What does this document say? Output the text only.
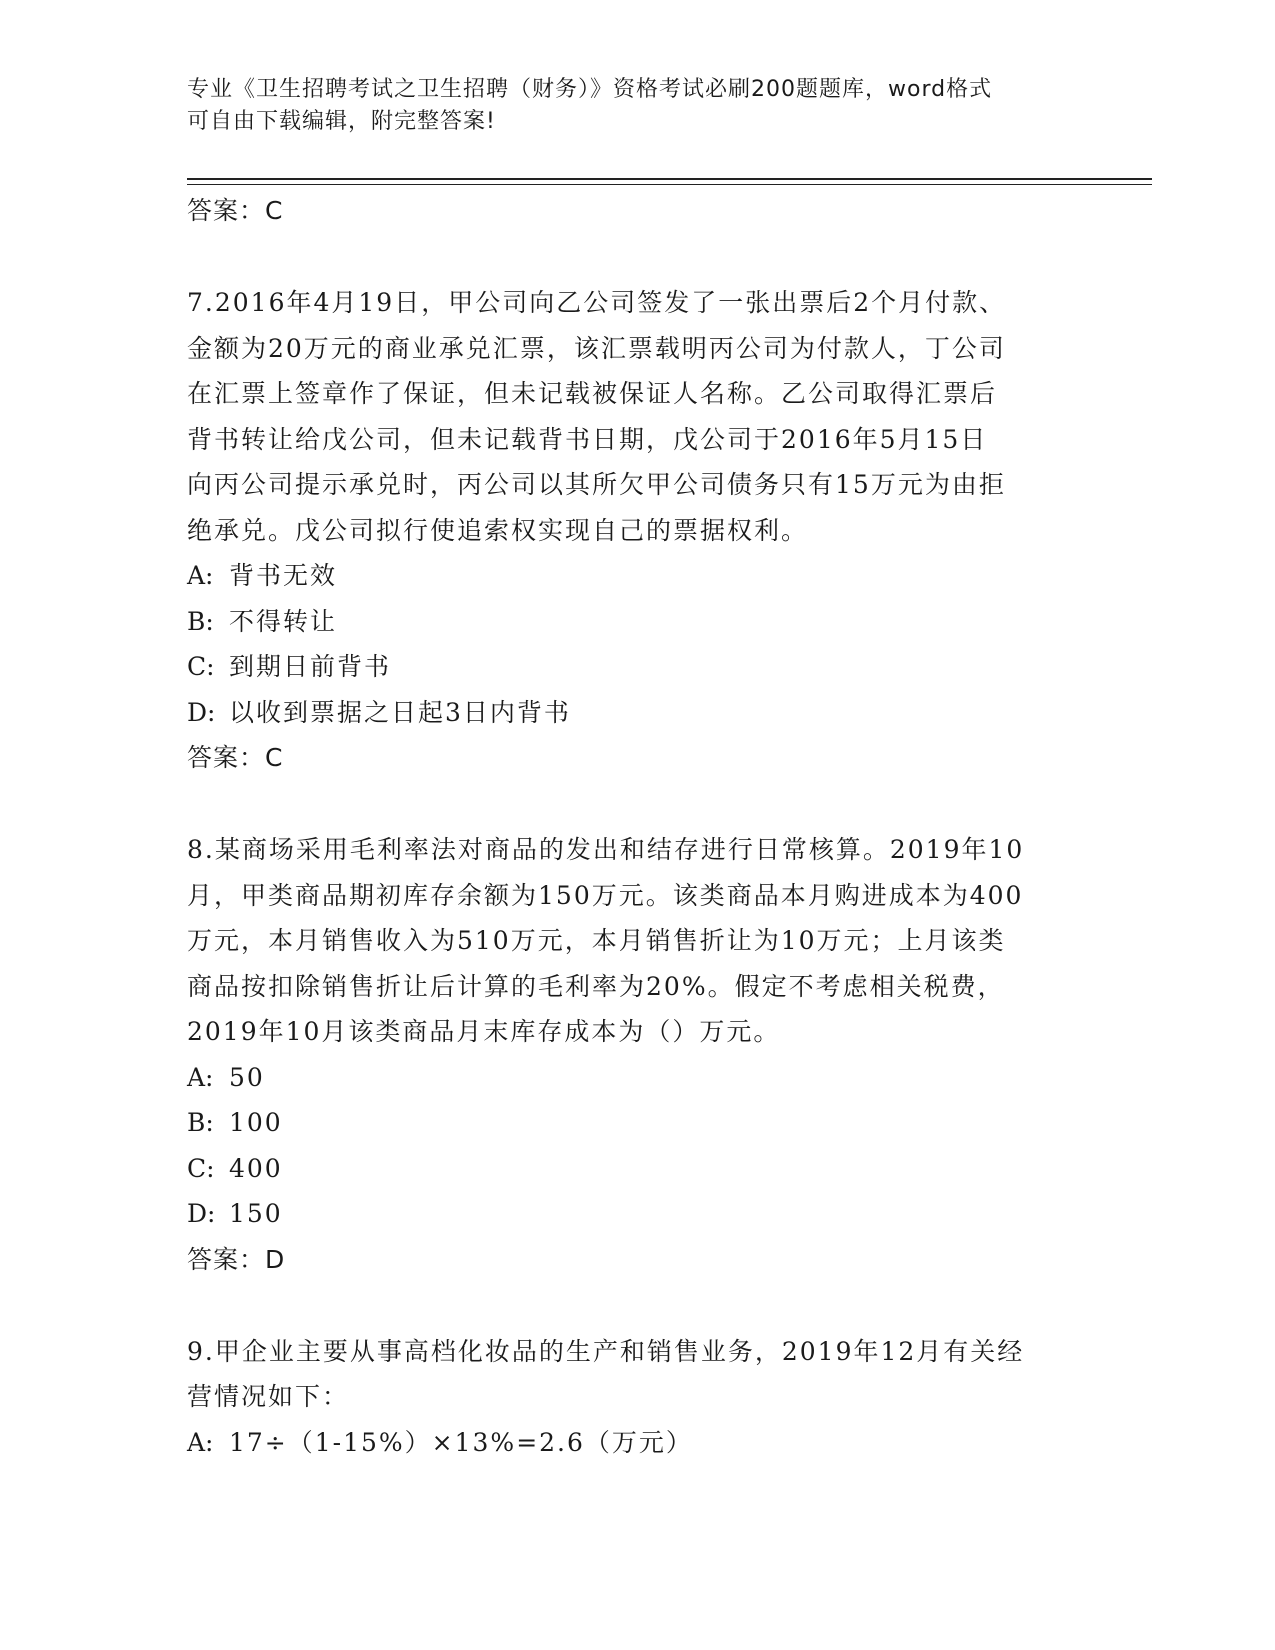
专业《卫生招聘考试之卫生招聘（财务）》资格考试必刷200题题库，word格式
可自由下载编辑，附完整答案!
答案：C
7.2016年4月19日，甲公司向乙公司签发了一张出票后2个月付款、
金额为20万元的商业承兑汇票，该汇票载明丙公司为付款人，丁公司
在汇票上签章作了保证，但未记载被保证人名称。乙公司取得汇票后
背书转让给戊公司，但未记载背书日期，戊公司于2016年5月15日
向丙公司提示承兑时，丙公司以其所欠甲公司债务只有15万元为由拒
绝承兑。戊公司拟行使追索权实现自己的票据权利。
A: 背书无效
B: 不得转让
C: 到期日前背书
D: 以收到票据之日起3日内背书
答案：C
8.某商场采用毛利率法对商品的发出和结存进行日常核算。2019年10
月，甲类商品期初库存余额为150万元。该类商品本月购进成本为400
万元，本月销售收入为510万元，本月销售折让为10万元；上月该类
商品按扣除销售折让后计算的毛利率为20%。假定不考虑相关税费，
2019年10月该类商品月末库存成本为（）万元。
A: 50
B: 100
C: 400
D: 150
答案：D
9.甲企业主要从事高档化妆品的生产和销售业务，2019年12月有关经
营情况如下：
A: 17÷（1-15%）×13%=2.6（万元）
